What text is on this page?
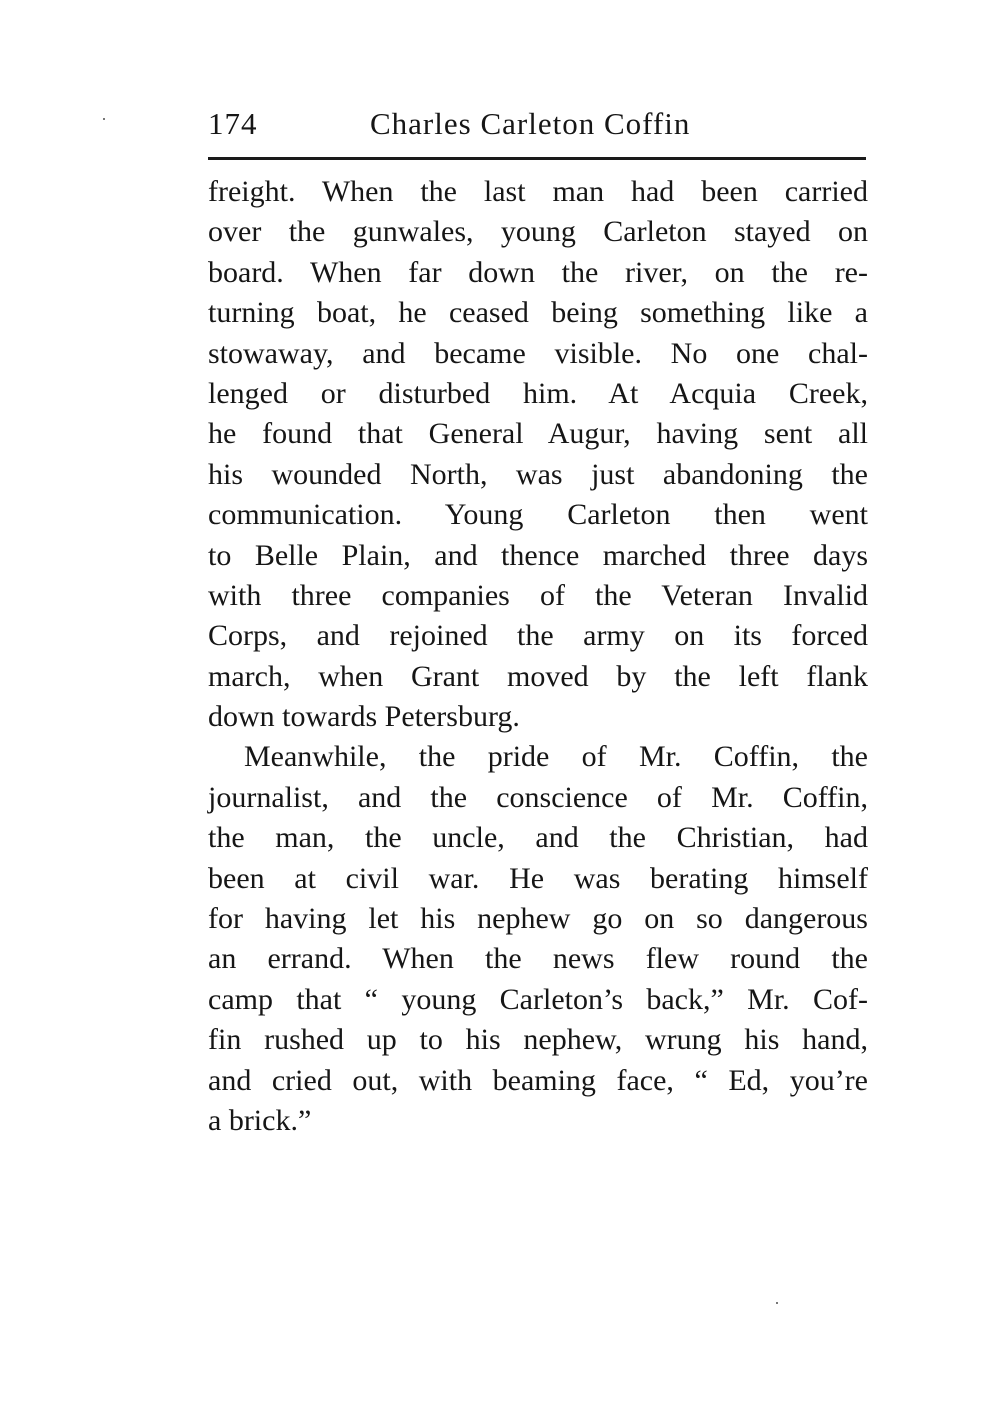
174	Charles Carleton Coffin
freight. When the last man had been carried
over the gunwales, young Carleton stayed on
board. When far down the river, on the re-
turning boat, he ceased being something like a
stowaway, and became visible. No one chal-
lenged or disturbed him. At Acquia Creek,
he found that General Augur, having sent all
his wounded North, was just abandoning the
communication. Young Carleton then went
to Belle Plain, and thence marched three days
with three companies of the Veteran Invalid
Corps, and rejoined the army on its forced
march, when Grant moved by the left flank
down towards Petersburg.
Meanwhile, the pride of Mr. Coffin, the
journalist, and the conscience of Mr. Coffin,
the man, the uncle, and the Christian, had
been at civil war. He was berating himself
for having let his nephew go on so dangerous
an errand. When the news flew round the
camp that “ young Carleton’s back,” Mr. Cof-
fin rushed up to his nephew, wrung his hand,
and cried out, with beaming face, “ Ed, you’re
a brick.”
